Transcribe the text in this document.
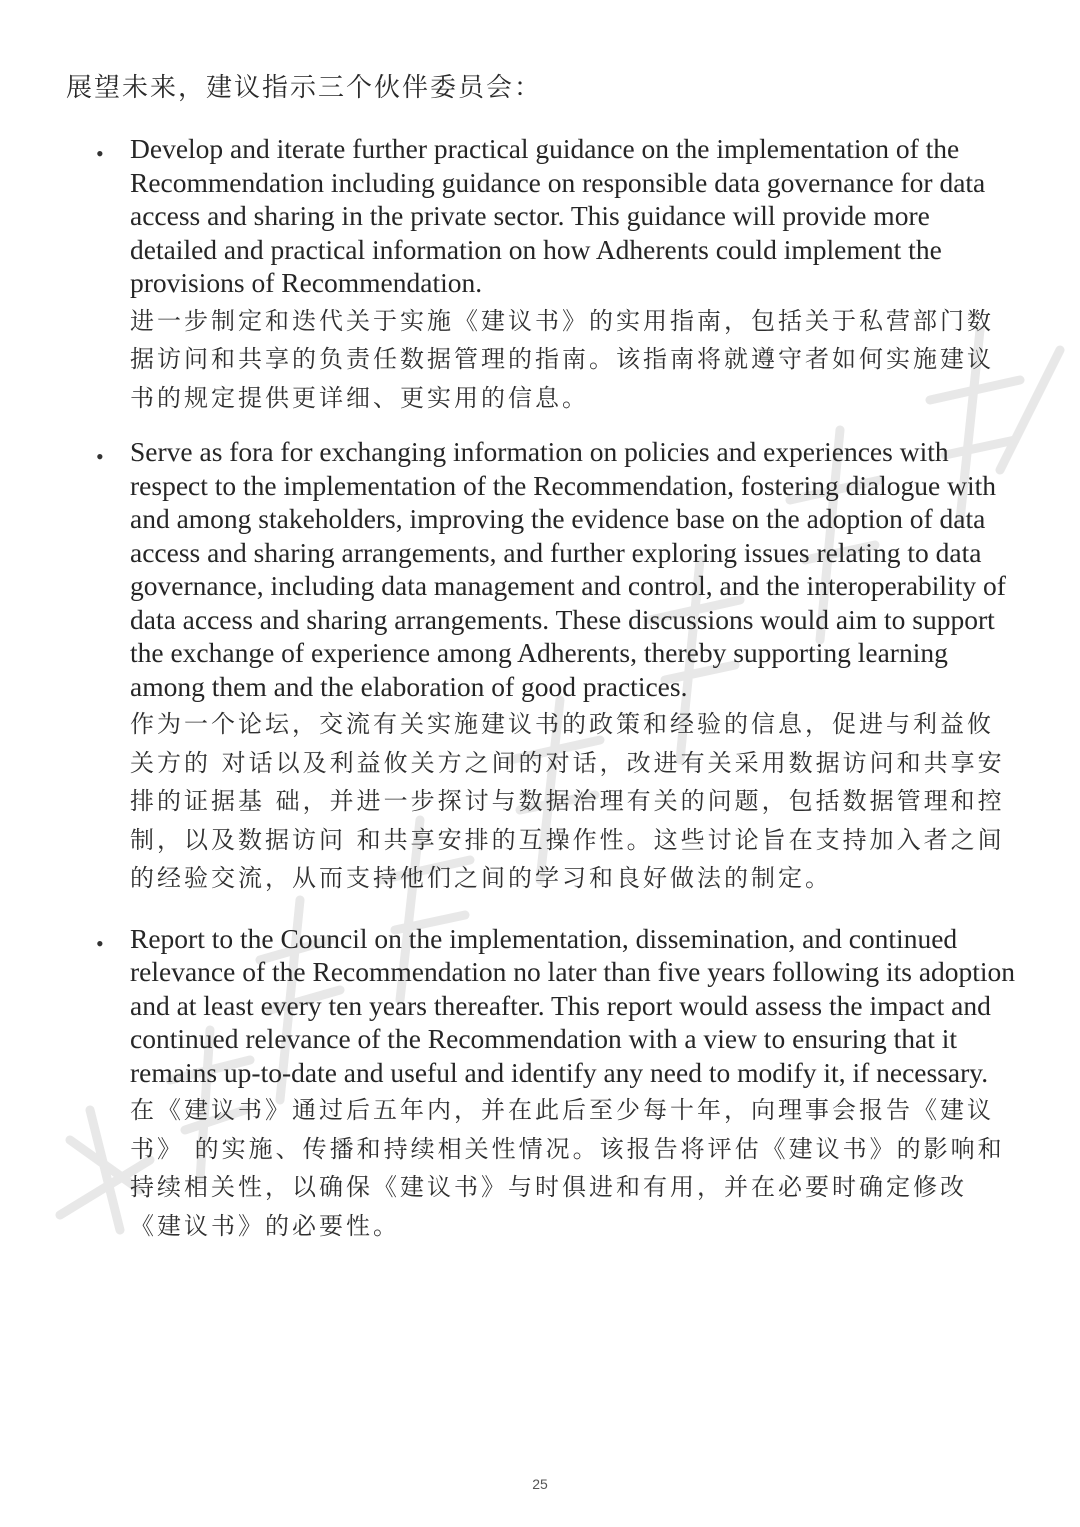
展望未来，建议指示三个伙伴委员会：
• Develop and iterate further practical guidance on the implementation of the Recommendation including guidance on responsible data governance for data access and sharing in the private sector. This guidance will provide more detailed and practical information on how Adherents could implement the provisions of Recommendation.

进一步制定和迭代关于实施《建议书》的实用指南，包括关于私营部门数据访问和共享的负责任数据管理的指南。该指南将就遵守者如何实施建议书的规定提供更详细、更实用的信息。

• Serve as fora for exchanging information on policies and experiences with respect to the implementation of the Recommendation, fostering dialogue with and among stakeholders, improving the evidence base on the adoption of data access and sharing arrangements, and further exploring issues relating to data governance, including data management and control, and the interoperability of data access and sharing arrangements. These discussions would aim to support the exchange of experience among Adherents, thereby supporting learning among them and the elaboration of good practices.

作为一个论坛，交流有关实施建议书的政策和经验的信息，促进与利益攸关方的 对话以及利益攸关方之间的对话，改进有关采用数据访问和共享安排的证据基 础，并进一步探讨与数据治理有关的问题，包括数据管理和控制，以及数据访问 和共享安排的互操作性。这些讨论旨在支持加入者之间的经验交流，从而支持他们之间的学习和良好做法的制定。

• Report to the Council on the implementation, dissemination, and continued relevance of the Recommendation no later than five years following its adoption and at least every ten years thereafter. This report would assess the impact and continued relevance of the Recommendation with a view to ensuring that it remains up-to-date and useful and identify any need to modify it, if necessary.

在《建议书》通过后五年内，并在此后至少每十年，向理事会报告《建议书》 的实施、传播和持续相关性情况。该报告将评估《建议书》的影响和持续相关性，以确保《建议书》与时俱进和有用，并在必要时确定修改《建议书》的必要性。

25
